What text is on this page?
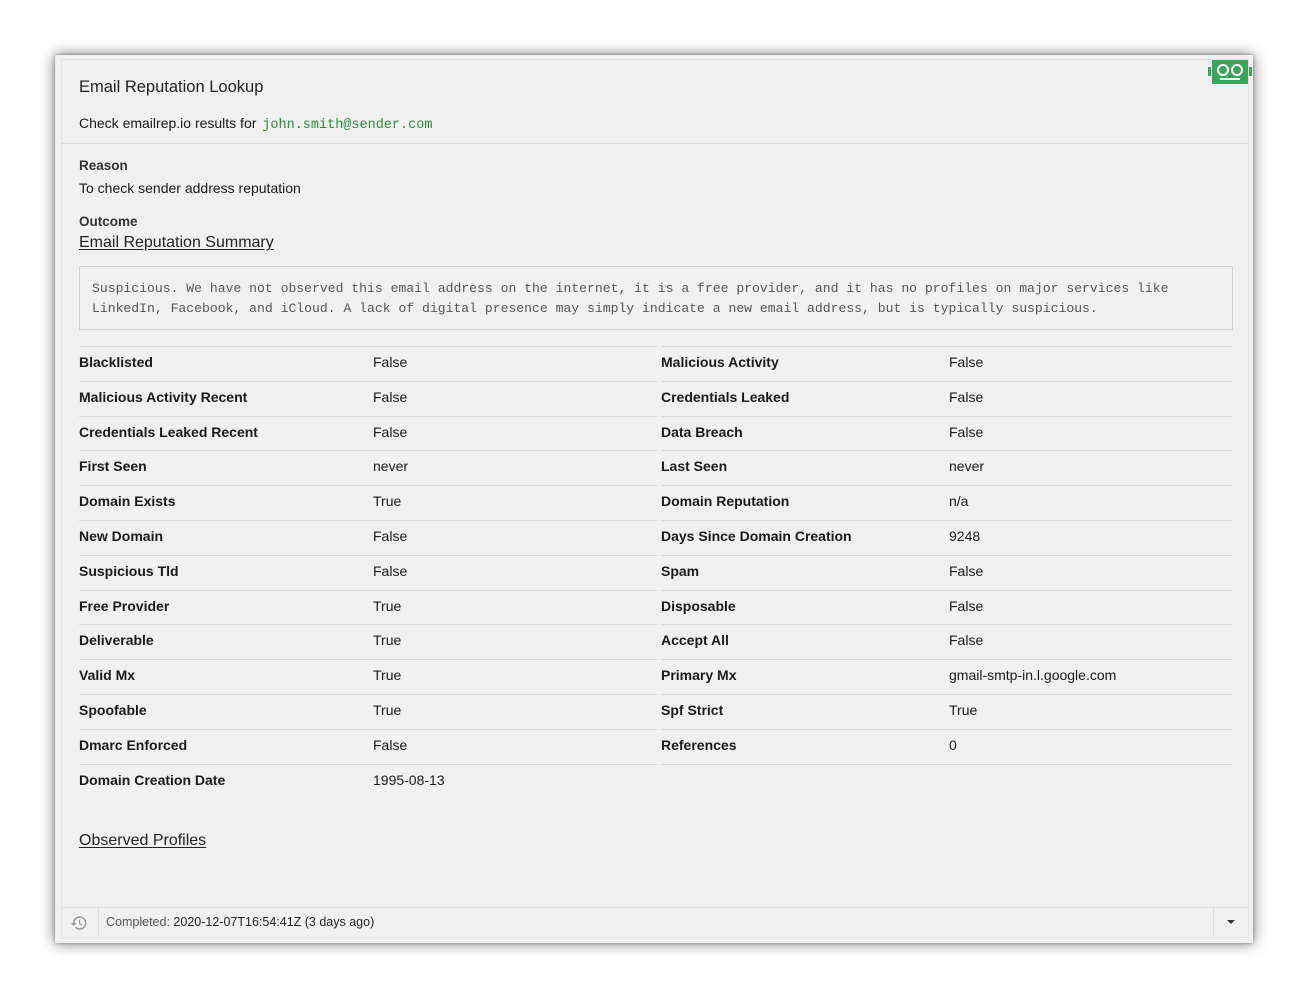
Email Reputation Lookup
Check emailrep.io results for john.smith@sender.com
Reason
To check sender address reputation
Outcome
Email Reputation Summary
Suspicious. We have not observed this email address on the internet, it is a free provider, and it has no profiles on major services like
LinkedIn, Facebook, and iCloud. A lack of digital presence may simply indicate a new email address, but is typically suspicious.
Blacklisted	False	Malicious Activity	False
Malicious Activity Recent	False	Credentials Leaked	False
Credentials Leaked Recent	False	Data Breach	False
First Seen	never	Last Seen	never
Domain Exists	True	Domain Reputation	n/a
New Domain	False	Days Since Domain Creation	9248
Suspicious Tld	False	Spam	False
Free Provider	True	Disposable	False
Deliverable	True	Accept All	False
Valid Mx	True	Primary Mx	gmail-smtp-in.l.google.com
Spoofable	True	Spf Strict	True
Dmarc Enforced	False	References	0
Domain Creation Date	1995-08-13
Observed Profiles
Completed: 2020-12-07T16:54:41Z (3 days ago)
